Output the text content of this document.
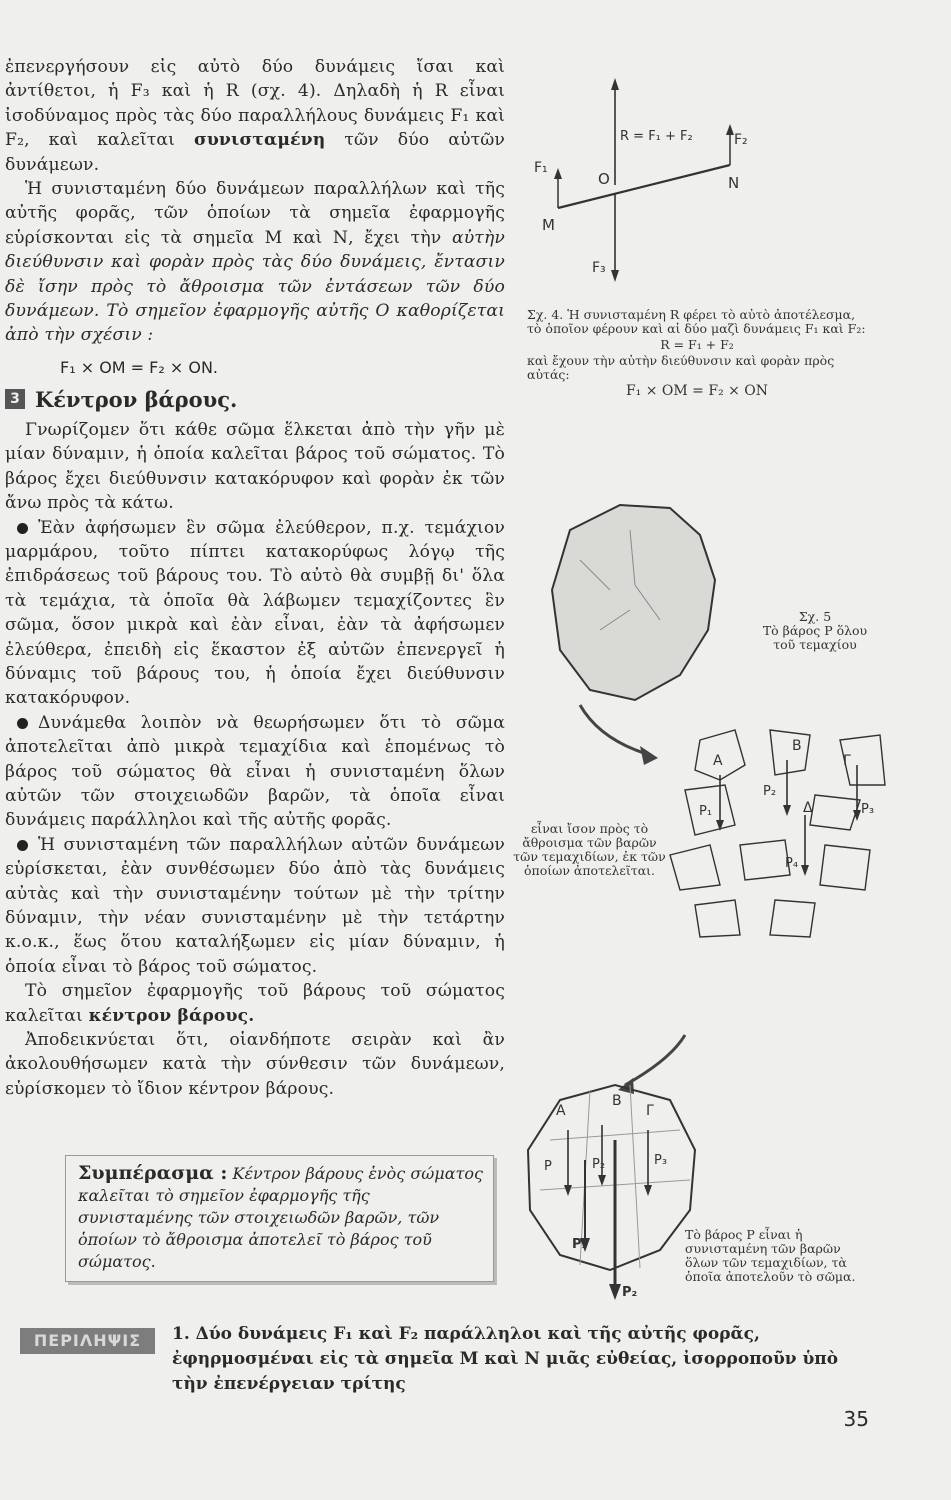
ἐπενεργήσουν εἰς αὐτὸ δύο δυνάμεις ἴσαι καὶ ἀντίθετοι, ἡ F₃ καὶ ἡ R (σχ. 4). Δηλαδὴ ἡ R εἶναι ἰσοδύναμος πρὸς τὰς δύο παραλλήλους δυνάμεις F₁ καὶ F₂, καὶ καλεῖται συνισταμένη τῶν δύο αὐτῶν δυνάμεων.

Ἡ συνισταμένη δύο δυνάμεων παραλλήλων καὶ τῆς αὐτῆς φορᾶς, τῶν ὁποίων τὰ σημεῖα ἐφαρμογῆς εὑρίσκονται εἰς τὰ σημεῖα Μ καὶ Ν, ἔχει τὴν αὐτὴν διεύθυνσιν καὶ φορὰν πρὸς τὰς δύο δυνάμεις, ἔντασιν δὲ ἴσην πρὸς τὸ ἄθροισμα τῶν ἐντάσεων τῶν δύο δυνάμεων. Τὸ σημεῖον ἐφαρμογῆς αὐτῆς Ο καθορίζεται ἀπὸ τὴν σχέσιν :

F₁ × OM = F₂ × ON.
3 Κέντρον βάρους.

Γνωρίζομεν ὅτι κάθε σῶμα ἕλκεται ἀπὸ τὴν γῆν μὲ μίαν δύναμιν, ἡ ὁποία καλεῖται βάρος τοῦ σώματος. Τὸ βάρος ἔχει διεύθυνσιν κατακόρυφον καὶ φορὰν ἐκ τῶν ἄνω πρὸς τὰ κάτω.

Ἐὰν ἀφήσωμεν ἓν σῶμα ἐλεύθερον, π.χ. τεμάχιον μαρμάρου, τοῦτο πίπτει κατακορύφως λόγῳ τῆς ἐπιδράσεως τοῦ βάρους του. Τὸ αὐτὸ θὰ συμβῇ δι' ὅλα τὰ τεμάχια, τὰ ὁποῖα θὰ λάβωμεν τεμαχίζοντες ἓν σῶμα, ὅσον μικρὰ καὶ ἐὰν εἶναι, ἐὰν τὰ ἀφήσωμεν ἐλεύθερα, ἐπειδὴ εἰς ἕκαστον ἐξ αὐτῶν ἐπενεργεῖ ἡ δύναμις τοῦ βάρους του, ἡ ὁποία ἔχει διεύθυνσιν κατακόρυφον.

Δυνάμεθα λοιπὸν νὰ θεωρήσωμεν ὅτι τὸ σῶμα ἀποτελεῖται ἀπὸ μικρὰ τεμαχίδια καὶ ἑπομένως τὸ βάρος τοῦ σώματος θὰ εἶναι ἡ συνισταμένη ὅλων αὐτῶν τῶν στοιχειωδῶν βαρῶν, τὰ ὁποῖα εἶναι δυνάμεις παράλληλοι καὶ τῆς αὐτῆς φορᾶς.

Ἡ συνισταμένη τῶν παραλλήλων αὐτῶν δυνάμεων εὑρίσκεται, ἐὰν συνθέσωμεν δύο ἀπὸ τὰς δυνάμεις αὐτὰς καὶ τὴν συνισταμένην τούτων μὲ τὴν τρίτην δύναμιν, τὴν νέαν συνισταμένην μὲ τὴν τετάρτην κ.ο.κ., ἕως ὅτου καταλήξωμεν εἰς μίαν δύναμιν, ἡ ὁποία εἶναι τὸ βάρος τοῦ σώματος.

Τὸ σημεῖον ἐφαρμογῆς τοῦ βάρους τοῦ σώματος καλεῖται κέντρον βάρους.

Ἀποδεικνύεται ὅτι, οἱανδήποτε σειρὰν καὶ ἂν ἀκολουθήσωμεν κατὰ τὴν σύνθεσιν τῶν δυνάμεων, εὑρίσκομεν τὸ ἴδιον κέντρον βάρους.

Συμπέρασμα : Κέντρον βάρους ἑνὸς σώματος καλεῖται τὸ σημεῖον ἐφαρμογῆς τῆς συνισταμένης τῶν στοιχειωδῶν βαρῶν, τῶν ὁποίων τὸ ἄθροισμα ἀποτελεῖ τὸ βάρος τοῦ σώματος.
R = F₁ + F₂
F₁
F₂
F₃
O
M
N
Σχ. 4. Ἡ συνισταμένη R φέρει τὸ αὐτὸ ἀποτέλεσμα, τὸ ὁποῖον φέρουν καὶ αἱ δύο μαζὶ δυνάμεις F₁ καὶ F₂:
R = F₁ + F₂
καὶ ἔχουν τὴν αὐτὴν διεύθυνσιν καὶ φορὰν πρὸς αὐτάς:
F₁ × OM = F₂ × ON
Σχ. 5
Τὸ βάρος P ὅλου τοῦ τεμαχίου
A
B
Γ
Δ
P₁
P₂
P₃
P₄
εἶναι ἴσον πρὸς τὸ ἄθροισμα τῶν βαρῶν τῶν τεμαχιδίων, ἐκ τῶν ὁποίων ἀποτελεῖται.
A
B
Γ
P	P₂	P₃
P₁
P₂
Τὸ βάρος P εἶναι ἡ συνισταμένη τῶν βαρῶν ὅλων τῶν τεμαχιδίων, τὰ ὁποῖα ἀποτελοῦν τὸ σῶμα.
ΠΕΡΙΛΗΨΙΣ	1. Δύο δυνάμεις F₁ καὶ F₂ παράλληλοι καὶ τῆς αὐτῆς φορᾶς, ἐφηρμοσμέναι εἰς τὰ σημεῖα Μ καὶ Ν μιᾶς εὐθείας, ἰσορροποῦν ὑπὸ τὴν ἐπενέργειαν τρίτης
35
